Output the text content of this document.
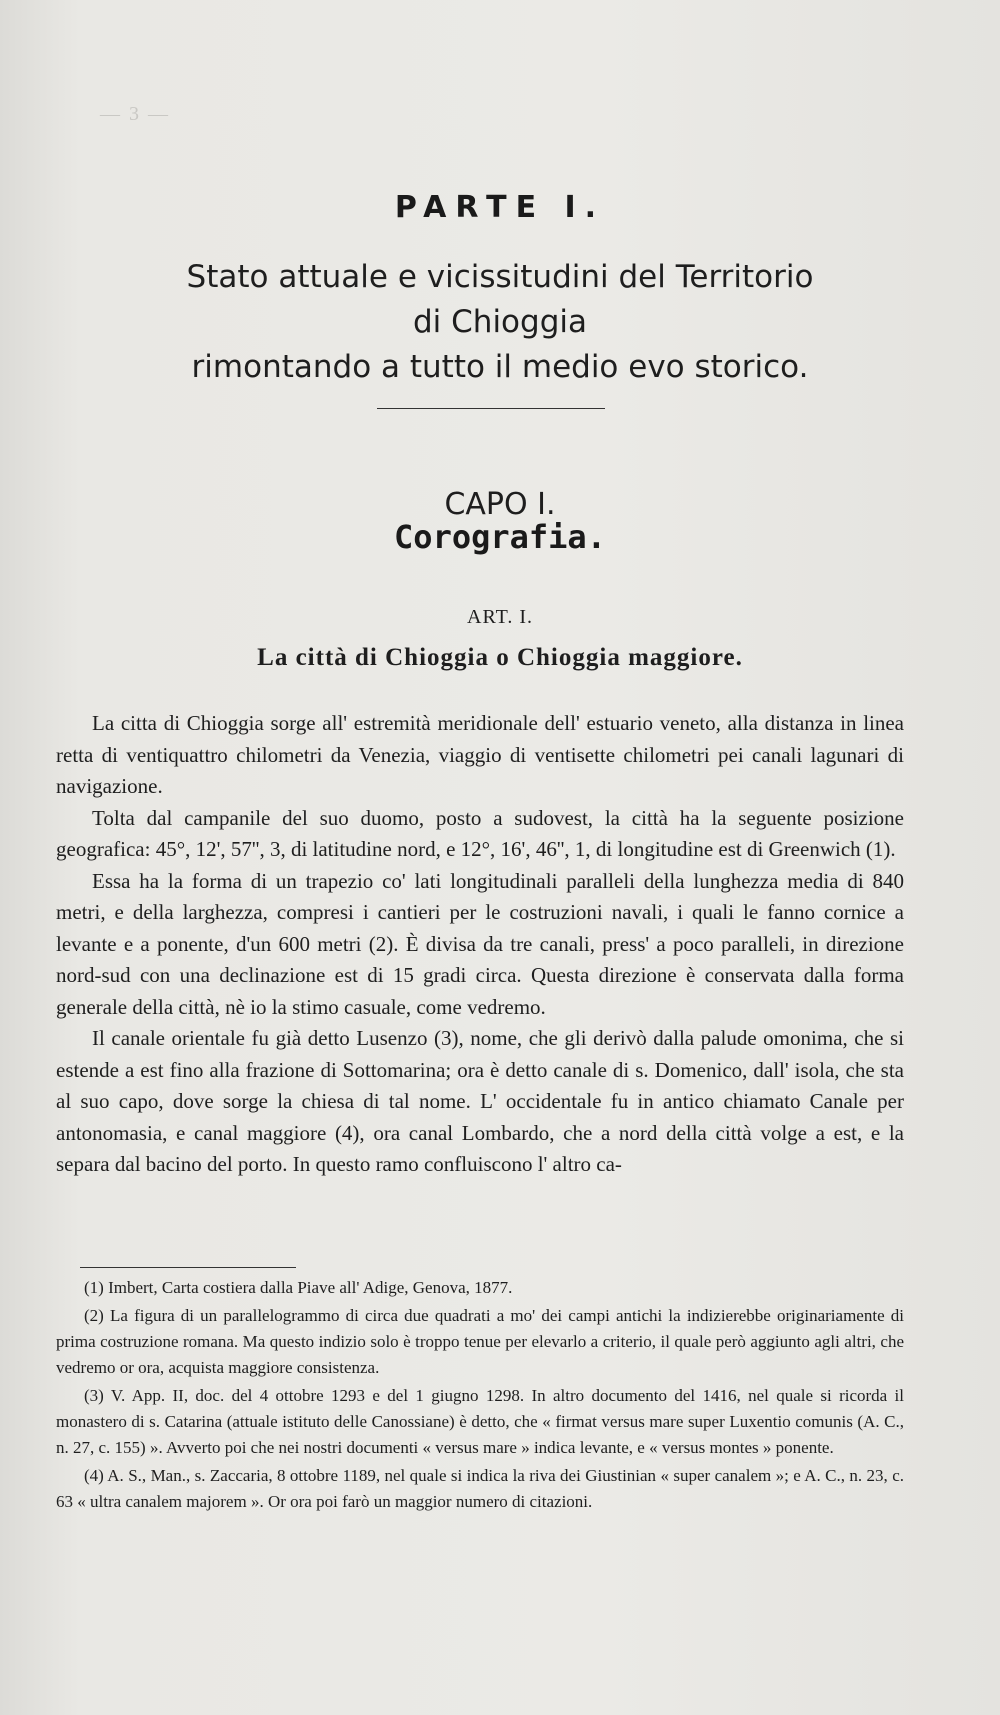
— 3 —
PARTE I.
Stato attuale e vicissitudini del Territorio
di Chioggia
rimontando a tutto il medio evo storico.
CAPO I.
Corografia.
ART. I.
La città di Chioggia o Chioggia maggiore.

La citta di Chioggia sorge all' estremità meridionale dell' estuario veneto, alla distanza in linea retta di ventiquattro chilometri da Venezia, viaggio di ventisette chilometri pei canali lagunari di navigazione.

Tolta dal campanile del suo duomo, posto a sudovest, la città ha la seguente posizione geografica: 45°, 12', 57'', 3, di latitudine nord, e 12°, 16', 46'', 1, di longitudine est di Greenwich (1).

Essa ha la forma di un trapezio co' lati longitudinali paralleli della lunghezza media di 840 metri, e della larghezza, compresi i cantieri per le costruzioni navali, i quali le fanno cornice a levante e a ponente, d'un 600 metri (2). È divisa da tre canali, press' a poco paralleli, in direzione nord-sud con una declinazione est di 15 gradi circa. Questa direzione è conservata dalla forma generale della città, nè io la stimo casuale, come vedremo.

Il canale orientale fu già detto Lusenzo (3), nome, che gli derivò dalla palude omonima, che si estende a est fino alla frazione di Sottomarina; ora è detto canale di s. Domenico, dall' isola, che sta al suo capo, dove sorge la chiesa di tal nome. L' occidentale fu in antico chiamato Canale per antonomasia, e canal maggiore (4), ora canal Lombardo, che a nord della città volge a est, e la separa dal bacino del porto. In questo ramo confluiscono l' altro ca-

(1) Imbert, Carta costiera dalla Piave all' Adige, Genova, 1877.

(2) La figura di un parallelogrammo di circa due quadrati a mo' dei campi antichi la indizierebbe originariamente di prima costruzione romana. Ma questo indizio solo è troppo tenue per elevarlo a criterio, il quale però aggiunto agli altri, che vedremo or ora, acquista maggiore consistenza.

(3) V. App. II, doc. del 4 ottobre 1293 e del 1 giugno 1298. In altro documento del 1416, nel quale si ricorda il monastero di s. Catarina (attuale istituto delle Canossiane) è detto, che « firmat versus mare super Luxentio comunis (A. C., n. 27, c. 155) ». Avverto poi che nei nostri documenti « versus mare » indica levante, e « versus montes » ponente.

(4) A. S., Man., s. Zaccaria, 8 ottobre 1189, nel quale si indica la riva dei Giustinian « super canalem »; e A. C., n. 23, c. 63 « ultra canalem majorem ». Or ora poi farò un maggior numero di citazioni.
